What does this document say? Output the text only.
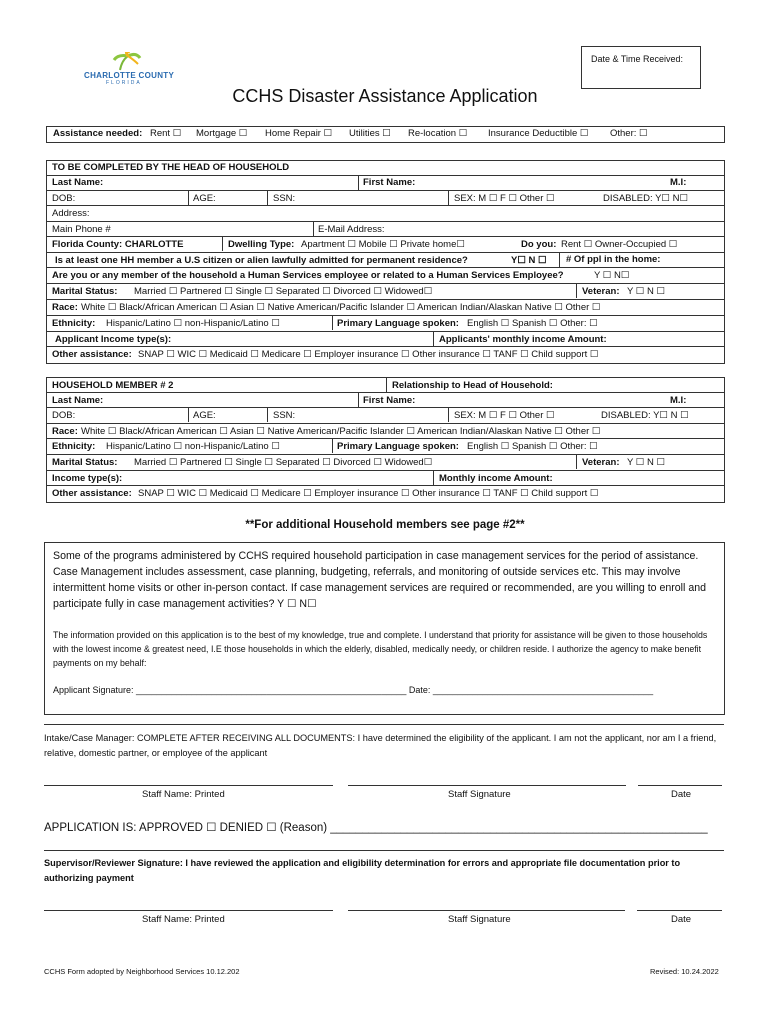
CHARLOTTE COUNTY
FLORIDA
Date & Time Received:
CCHS Disaster Assistance Application
Assistance needed: Rent ☐ Mortgage ☐ Home Repair ☐ Utilities ☐ Re-location ☐ Insurance Deductible ☐ Other: ☐
TO BE COMPLETED BY THE HEAD OF HOUSEHOLD
Last Name:	First Name:	M.I:
DOB:	AGE:	SSN:	SEX: M ☐ F ☐ Other ☐	DISABLED: Y☐ N☐
Address:
Main Phone #	E-Mail Address:
Florida County: CHARLOTTE	Dwelling Type: Apartment ☐ Mobile ☐ Private home☐	Do you: Rent ☐ Owner-Occupied ☐
Is at least one HH member a U.S citizen or alien lawfully admitted for permanent residence?	Y☐ N ☐ # Of ppl in the home:
Are you or any member of the household a Human Services employee or related to a Human Services Employee?	Y ☐ N☐
Marital Status: Married ☐ Partnered ☐ Single ☐ Separated ☐ Divorced ☐ Widowed☐	Veteran: Y ☐ N ☐
Race: White ☐ Black/African American ☐ Asian ☐ Native American/Pacific Islander ☐ American Indian/Alaskan Native ☐ Other ☐
Ethnicity: Hispanic/Latino ☐ non-Hispanic/Latino ☐	Primary Language spoken: English ☐ Spanish ☐ Other: ☐
Applicant Income type(s):	Applicants' monthly income Amount:
Other assistance: SNAP ☐ WIC ☐ Medicaid ☐ Medicare ☐ Employer insurance ☐ Other insurance ☐ TANF ☐ Child support ☐
HOUSEHOLD MEMBER # 2	Relationship to Head of Household:
Last Name:	First Name:	M.I:
DOB:	AGE:	SSN:	SEX: M ☐ F ☐ Other ☐	DISABLED: Y☐ N ☐
Race: White ☐ Black/African American ☐ Asian ☐ Native American/Pacific Islander ☐ American Indian/Alaskan Native ☐ Other ☐
Ethnicity: Hispanic/Latino ☐ non-Hispanic/Latino ☐	Primary Language spoken: English ☐ Spanish ☐ Other: ☐
Marital Status: Married ☐ Partnered ☐ Single ☐ Separated ☐ Divorced ☐ Widowed☐	Veteran: Y ☐ N ☐
Income type(s):	Monthly income Amount:
Other assistance: SNAP ☐ WIC ☐ Medicaid ☐ Medicare ☐ Employer insurance ☐ Other insurance ☐ TANF ☐ Child support ☐
**For additional Household members see page #2**
Some of the programs administered by CCHS required household participation in case management services for the period of assistance. Case Management includes assessment, case planning, budgeting, referrals, and monitoring of outside services etc. This may involve intermittent home visits or other in-person contact. If case management services are required or recommended, are you willing to enroll and participate fully in case management activities? Y ☐ N☐
The information provided on this application is to the best of my knowledge, true and complete. I understand that priority for assistance will be given to those households with the lowest income & greatest need, I.E those households in which the elderly, disabled, medically needy, or children reside. I authorize the agency to make benefit payments on my behalf:
Applicant Signature: ______________________________________________________ Date: ____________________________________________
Intake/Case Manager: COMPLETE AFTER RECEIVING ALL DOCUMENTS: I have determined the eligibility of the applicant. I am not the applicant, nor am I a friend, relative, domestic partner, or employee of the applicant
Staff Name: Printed	Staff Signature	Date
APPLICATION IS: APPROVED ☐ DENIED ☐ (Reason) ___________________________________________________________
Supervisor/Reviewer Signature: I have reviewed the application and eligibility determination for errors and appropriate file documentation prior to authorizing payment
Staff Name: Printed	Staff Signature	Date
CCHS Form adopted by Neighborhood Services 10.12.202	Revised: 10.24.2022
